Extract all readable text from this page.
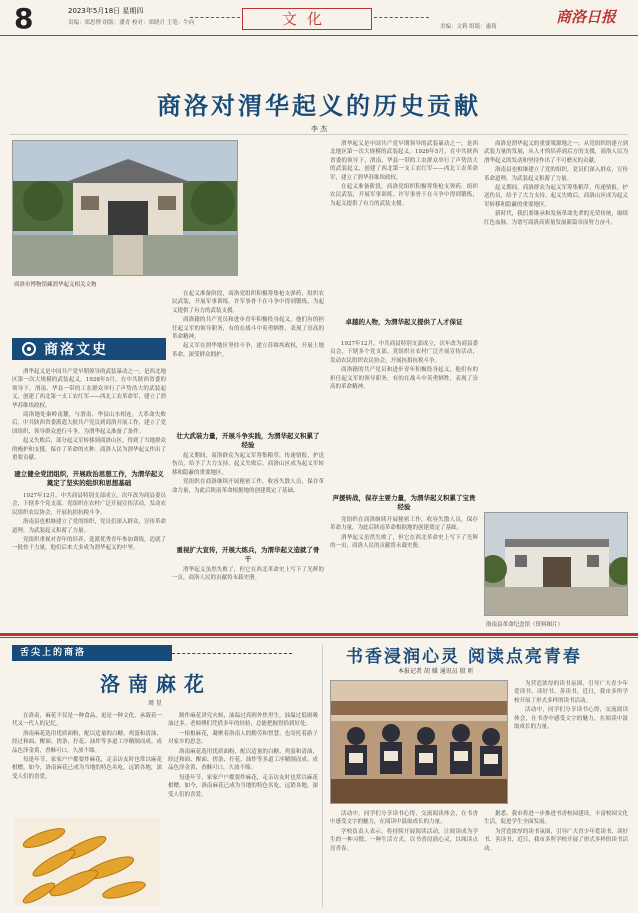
8	2023年5月18日 星期四
责编：郑思博 组版：潘青 校对：郑晓月 主笔：牛向	文化	美编：文莉 组版：惠筠
商洛日报
商洛对渭华起义的历史贡献
李 杰
商洛市博物馆藏渭华起义相关文物
商洛文史

渭华起义是中国共产党早期领导的武装暴动之一，是西北地区第一次大规模的武装起义。1928年5月，在中共陕西省委的领导下，渭南、华县一带的工农群众举行了声势浩大的武装起义，创建了西北第一支工农红军——西北工农革命军，建立了渭华苏维埃政权。

商洛地处秦岭南麓，与渭南、华县山水相连。大革命失败后，中共陕西省委派遣大批共产党员到商洛开展工作，建立了党团组织，领导群众进行斗争，为渭华起义准备了条件。

起义失败后，部分起义军转移到商洛山区，得到了当地群众的掩护和支援，保存了革命的火种。商洛人民为渭华起义作出了重要贡献。

建立健全党团组织，开展政治思想工作，为渭华起义奠定了坚实的组织和思想基础

1927年12月，中共商县特别支部成立，次年改为商县委员会，下辖多个党支部。党组织在农村广泛开展宣传活动，发动农民组织农民协会，开展抗捐抗税斗争。

洛南县也相继建立了党的组织，党员们深入群众，宣传革命道理，为武装起义积蓄了力量。

党组织重视对青年的培养，选派优秀青年参加训练，造就了一批骨干力量，他们后来大多成为渭华起义的中坚。

在起义准备阶段，商洛党组织积极筹集枪支弹药，组织农民武装，开展军事训练。许军事骨干在斗争中得到锻炼，为起义提供了有力的武装支援。

商洛籍的共产党员和进步青年积极投身起义，他们有的担任起义军的领导职务，有的在战斗中英勇牺牲，表现了崇高的革命精神。

起义军在渭华地区坚持斗争，建立苏维埃政权，开展土地革命，深受群众拥护。

壮大武装力量，开展斗争实践，为渭华起义积累了经验

起义期间，商洛群众为起义军筹集粮草，传递情报，护送伤员，给予了大力支持。起义失败后，商洛山区成为起义军转移和隐蔽的重要地区。

党组织在商洛继续开展秘密工作，收容失散人员，保存革命力量，为此后陕南革命根据地的创建奠定了基础。

重视扩大宣传，开展大练兵，为渭华起义造就了骨干

渭华起义虽然失败了，但它在西北革命史上写下了光辉的一页，商洛人民的贡献将永载史册。

渭华起义是中国共产党早期领导的武装暴动之一，是西北地区第一次大规模的武装起义。1928年5月，在中共陕西省委的领导下，渭南、华县一带的工农群众举行了声势浩大的武装起义，创建了西北第一支工农红军——西北工农革命军，建立了渭华苏维埃政权。

在起义准备阶段，商洛党组织积极筹集枪支弹药，组织农民武装，开展军事训练。许军事骨干在斗争中得到锻炼，为起义提供了有力的武装支援。

卓越的人物，为渭华起义提供了人才保证

1927年12月，中共商县特别支部成立，次年改为商县委员会，下辖多个党支部。党组织在农村广泛开展宣传活动，发动农民组织农民协会，开展抗捐抗税斗争。

商洛籍的共产党员和进步青年积极投身起义，他们有的担任起义军的领导职务，有的在战斗中英勇牺牲，表现了崇高的革命精神。

声援转战，保存主要力量，为渭华起义积累了宝贵经验

党组织在商洛继续开展秘密工作，收容失散人员，保存革命力量，为此后陕南革命根据地的创建奠定了基础。

渭华起义虽然失败了，但它在西北革命史上写下了光辉的一页，商洛人民的贡献将永载史册。

商洛是渭华起义的重要策源地之一。从党组织的建立到武装力量的发展，从人才的培养到后方的支援，商洛人民为渭华起义的发动和坚持作出了不可磨灭的贡献。

洛南县也相继建立了党的组织，党员们深入群众，宣传革命道理，为武装起义积蓄了力量。

起义期间，商洛群众为起义军筹集粮草，传递情报，护送伤员，给予了大力支持。起义失败后，商洛山区成为起义军转移和隐蔽的重要地区。

新时代，我们要继承和发扬革命先辈的光荣传统，赓续红色血脉，为谱写商洛高质量发展新篇章而努力奋斗。

洛南县革命纪念馆（资料图片）
舌尖上的商洛
洛南麻花
周 星

在洛南，麻花不仅是一种食品，更是一种文化，承载着一代又一代人的记忆。

洛南麻花选用优质面粉，配以适量的白糖、鸡蛋和清油，经过和面、醒面、搓条、拧花、油炸等多道工序精制而成。成品色泽金黄，香酥可口，久放不绵。

每逢年节，家家户户都要炸麻花，走亲访友时也常以麻花相赠。如今，洛南麻花已成为当地的特色名吃，远销各地，深受人们的喜爱。

制作麻花讲究火候，油温过高则外焦里生，油温过低则吸油过多。老师傅们凭借多年的经验，总能把握得恰到好处。

一根根麻花，凝聚着洛南人的勤劳和智慧，也寄托着游子对家乡的思念。

洛南麻花选用优质面粉，配以适量的白糖、鸡蛋和清油，经过和面、醒面、搓条、拧花、油炸等多道工序精制而成。成品色泽金黄，香酥可口，久放不绵。

每逢年节，家家户户都要炸麻花，走亲访友时也常以麻花相赠。如今，洛南麻花已成为当地的特色名吃，远销各地，深受人们的喜爱。

书香浸润心灵 阅读点亮青春
本报记者 胡 媛 通讯员 殷 昕

为营造浓厚的读书氛围，引导广大青少年爱读书、读好书、善读书，近日，我市多所学校开展了形式多样的读书活动。

活动中，同学们分享读书心得，交流阅读体会，在书香中感受文字的魅力，在阅读中汲取成长的力量。

活动中，同学们分享读书心得，交流阅读体会，在书香中感受文字的魅力，在阅读中汲取成长的力量。

学校负责人表示，将持续开展阅读活动，让阅读成为学生的一种习惯、一种生活方式，以书香浸润心灵，以阅读点亮青春。

据悉，我市将进一步推进书香校园建设，丰富校园文化生活，促进学生全面发展。

为营造浓厚的读书氛围，引导广大青少年爱读书、读好书、善读书，近日，我市多所学校开展了形式多样的读书活动。
